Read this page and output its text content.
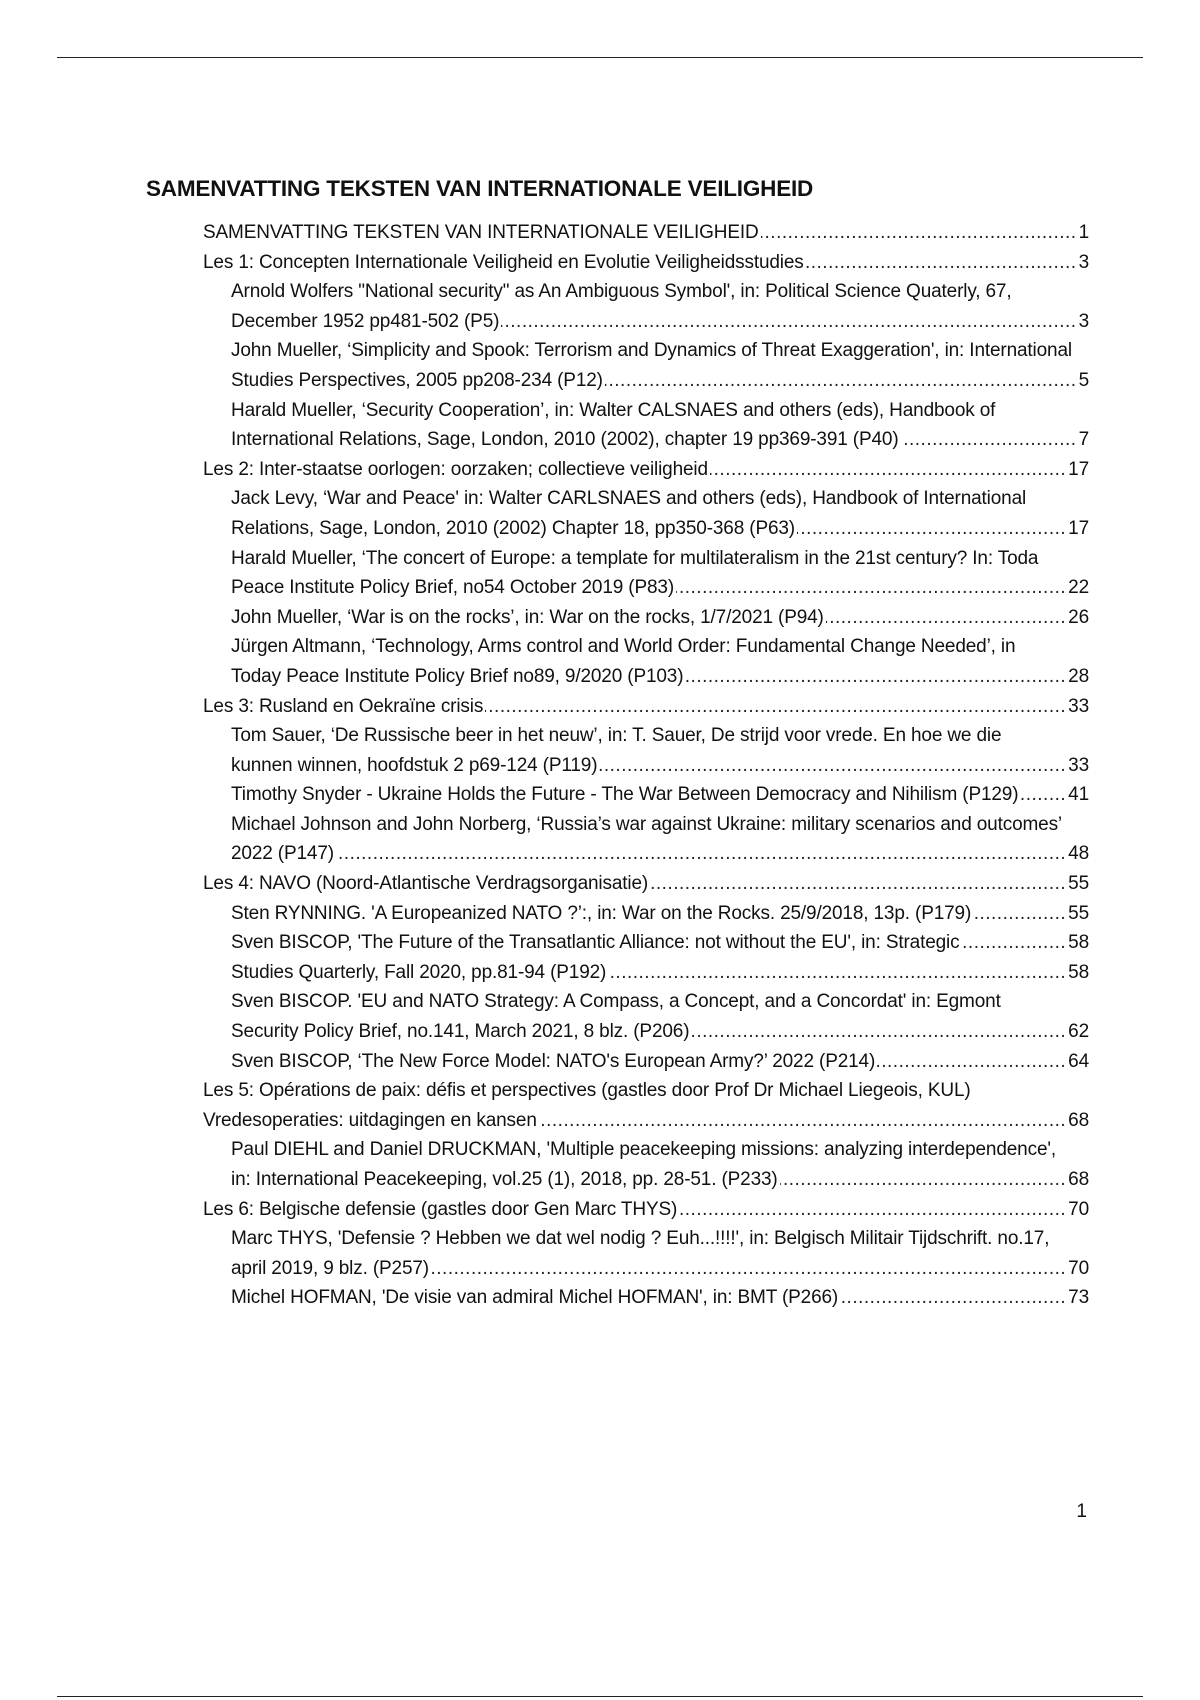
SAMENVATTING TEKSTEN VAN INTERNATIONALE VEILIGHEID
SAMENVATTING TEKSTEN VAN INTERNATIONALE VEILIGHEID .....	1
Les 1: Concepten Internationale Veiligheid en Evolutie Veiligheidsstudies .....	3
Arnold Wolfers "National security" as An Ambiguous Symbol', in: Political Science Quaterly, 67, December 1952 pp481-502 (P5) .....	3
John Mueller, ‘Simplicity and Spook: Terrorism and Dynamics of Threat Exaggeration', in: International Studies Perspectives, 2005 pp208-234 (P12) .....	5
Harald Mueller, ‘Security Cooperation’, in: Walter CALSNAES and others (eds), Handbook of International Relations, Sage, London, 2010 (2002), chapter 19 pp369-391 (P40) .....	7
Les 2: Inter-staatse oorlogen: oorzaken; collectieve veiligheid .....	17
Jack Levy, ‘War and Peace' in: Walter CARLSNAES and others (eds), Handbook of International Relations, Sage, London, 2010 (2002) Chapter 18, pp350-368 (P63) .....	17
Harald Mueller, ‘The concert of Europe: a template for multilateralism in the 21st century? In: Toda Peace Institute Policy Brief, no54 October 2019 (P83) .....	22
John Mueller, ‘War is on the rocks’, in: War on the rocks, 1/7/2021 (P94) .....	26
Jürgen Altmann, ‘Technology, Arms control and World Order: Fundamental Change Needed’, in Today Peace Institute Policy Brief no89, 9/2020 (P103) .....	28
Les 3: Rusland en Oekraïne crisis .....	33
Tom Sauer, ‘De Russische beer in het neuw’, in: T. Sauer, De strijd voor vrede. En hoe we die kunnen winnen, hoofdstuk 2 p69-124 (P119) .....	33
Timothy Snyder - Ukraine Holds the Future - The War Between Democracy and Nihilism (P129) .....	41
Michael Johnson and John Norberg, ‘Russia’s war against Ukraine: military scenarios and outcomes’ 2022 (P147) .....	48
Les 4: NAVO (Noord-Atlantische Verdragsorganisatie) .....	55
Sten RYNNING. 'A Europeanized NATO ?’:, in: War on the Rocks. 25/9/2018, 13p. (P179) .....	55
Sven BISCOP, 'The Future of the Transatlantic Alliance: not without the EU', in: Strategic .....	58
Studies Quarterly, Fall 2020, pp.81-94 (P192) .....	58
Sven BISCOP. 'EU and NATO Strategy: A Compass, a Concept, and a Concordat' in: Egmont Security Policy Brief, no.141, March 2021, 8 blz. (P206) .....	62
Sven BISCOP, ‘The New Force Model: NATO's European Army?’ 2022 (P214) .....	64
Les 5: Opérations de paix: défis et perspectives (gastles door Prof Dr Michael Liegeois, KUL) Vredesoperaties: uitdagingen en kansen .....	68
Paul DIEHL and Daniel DRUCKMAN, 'Multiple peacekeeping missions: analyzing interdependence', in: International Peacekeeping, vol.25 (1), 2018, pp. 28-51. (P233) .....	68
Les 6: Belgische defensie (gastles door Gen Marc THYS) .....	70
Marc THYS, 'Defensie ? Hebben we dat wel nodig ? Euh...!!!!', in: Belgisch Militair Tijdschrift. no.17, april 2019, 9 blz. (P257) .....	70
Michel HOFMAN, 'De visie van admiral Michel HOFMAN', in: BMT (P266) .....	73
1
